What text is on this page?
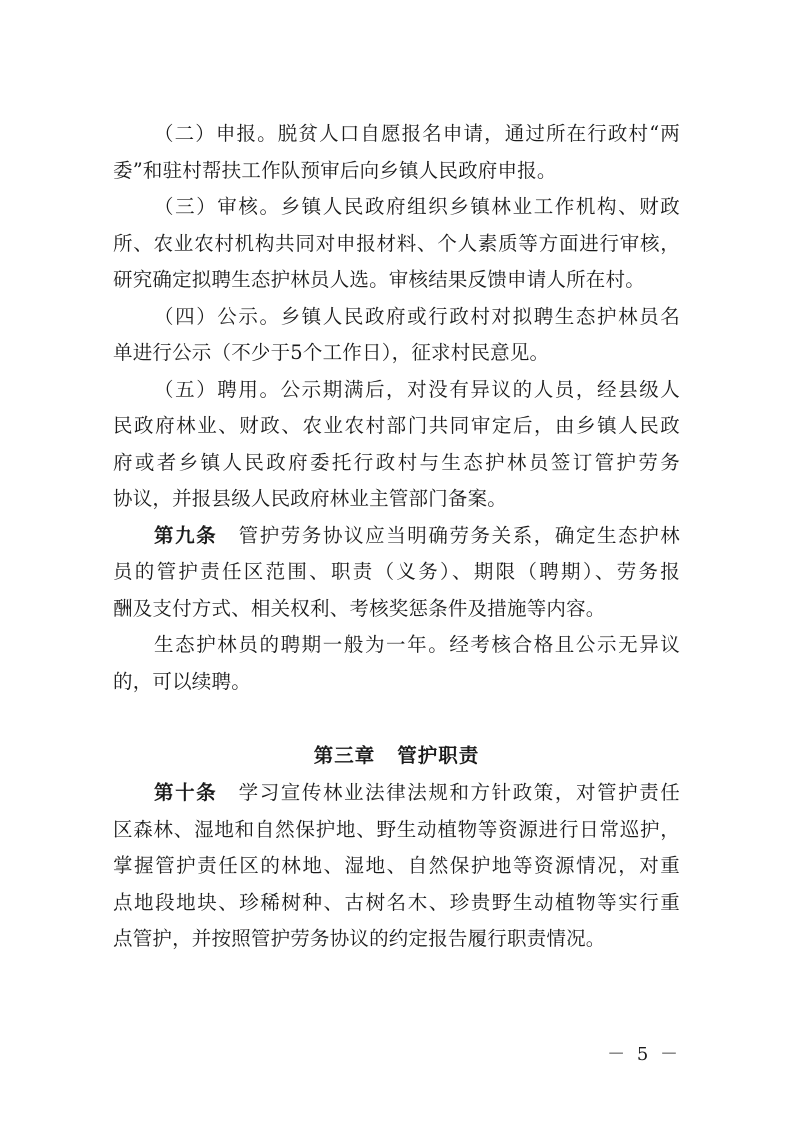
（二）申报。脱贫人口自愿报名申请，通过所在行政村“两
委”和驻村帮扶工作队预审后向乡镇人民政府申报。
（三）审核。乡镇人民政府组织乡镇林业工作机构、财政
所、农业农村机构共同对申报材料、个人素质等方面进行审核，
研究确定拟聘生态护林员人选。审核结果反馈申请人所在村。
（四）公示。乡镇人民政府或行政村对拟聘生态护林员名
单进行公示（不少于5个工作日），征求村民意见。
（五）聘用。公示期满后，对没有异议的人员，经县级人
民政府林业、财政、农业农村部门共同审定后，由乡镇人民政
府或者乡镇人民政府委托行政村与生态护林员签订管护劳务
协议，并报县级人民政府林业主管部门备案。
第九条 管护劳务协议应当明确劳务关系，确定生态护林
员的管护责任区范围、职责（义务）、期限（聘期）、劳务报
酬及支付方式、相关权利、考核奖惩条件及措施等内容。
生态护林员的聘期一般为一年。经考核合格且公示无异议
的，可以续聘。
第三章 管护职责
第十条 学习宣传林业法律法规和方针政策，对管护责任
区森林、湿地和自然保护地、野生动植物等资源进行日常巡护，
掌握管护责任区的林地、湿地、自然保护地等资源情况，对重
点地段地块、珍稀树种、古树名木、珍贵野生动植物等实行重
点管护，并按照管护劳务协议的约定报告履行职责情况。
－ 5 －
